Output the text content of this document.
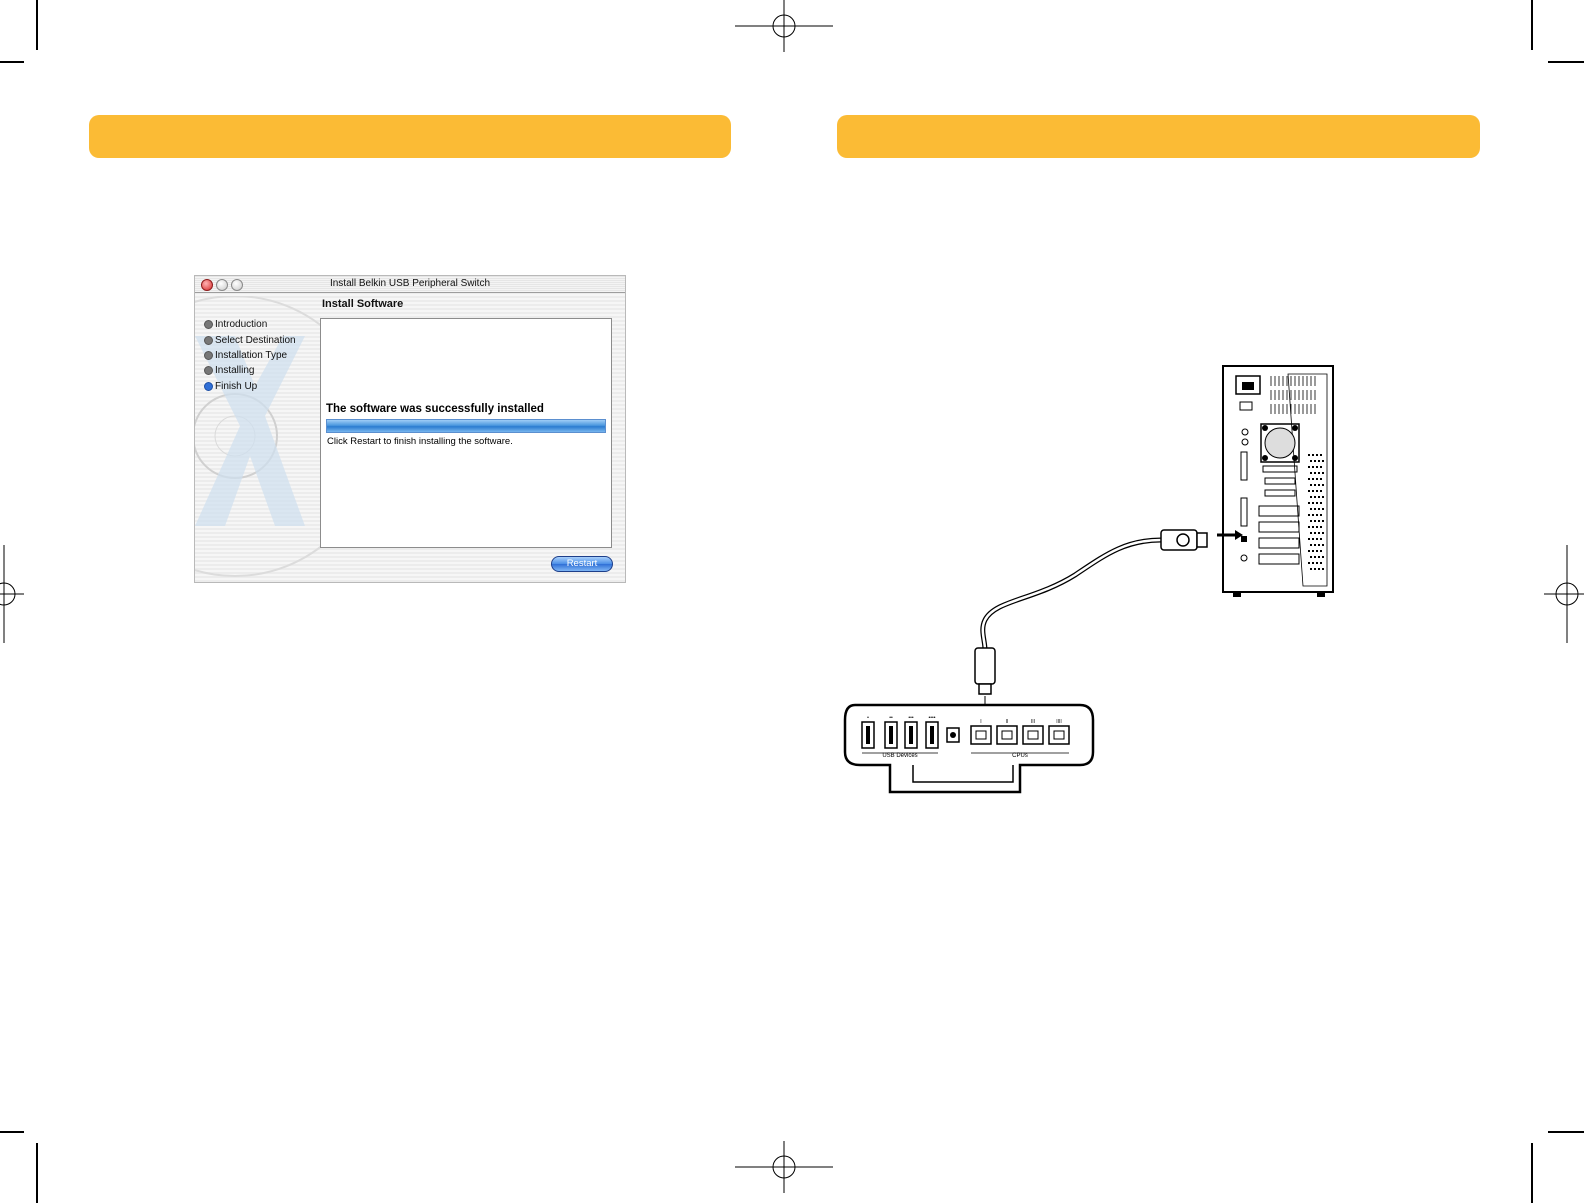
Install Belkin USB Peripheral Switch
Introduction
Select Destination
Installation Type
Installing
Finish Up
Install Software
The software was successfully installed
Click Restart to finish installing the software.
Restart
•	••	•••	••••
I	II	III	IIII
USB Devices	CPUs
